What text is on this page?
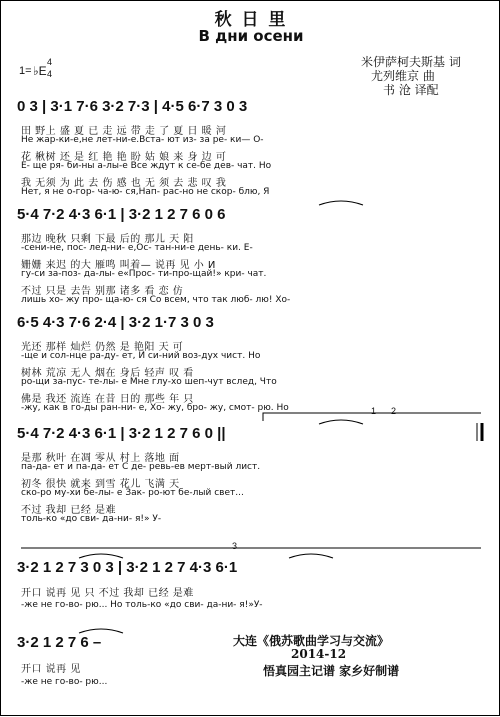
秋 日 里
В дни осени
1= ♭E
4
4
米伊萨柯夫斯基 词
尤列维京 曲
书 沧 译配
0 3 | 3·1 7·6 3·2 7·3 | 4·5 6·7 3 0 3
田 野上 盛 夏 已 走 远 带 走 了 夏 日 暖 河
Не жар-ки-е,не лет-ни-е.Вста- ют из- за ре- ки— О-
花 楸树 还 是 红 艳 艳 盼 姑 娘 来 身 边 可
Е- ще ря- би-ны а-лы-е Все ждут к се-бе дев- чат. Но
我 无须 为 此 去 伤 感 也 无 须 去 悲 叹 我
Нет, я не о-гор- ча-ю- ся,Нап- рас-но не скор- блю, Я
5·4 7·2 4·3 6·1 | 3·2 1 2 7 6 0 6
那边 晚秋 只剩 下最 后的 那儿 天 阳
-сени-не, пос- лед-ни- е,Ос- тан-ни-е день- ки. Е-
姗姗 来迟 的大 雁鸣 叫着— 说再 见 小 И
гу-си за-поз- да-лы- е«Прос- ти-про-щай!» кри- чат.
不过 只是 去告 别那 诸多 看 恋 仿
лишь хо- жу про- ща-ю- ся Со всем, что так люб- лю! Хо-
6·5 4·3 7·6 2·4 | 3·2 1·7 3 0 3
光还 那样 灿烂 仍然 是 艳阳 天 可
-ще и сол-нце ра-ду- ет, И си-ний воз-дух чист. Но
树林 荒凉 无人 烟在 身后 轻声 叹 看
ро-щи за-пус- те-лы- е Мне глу-хо шеп-чут вслед, Что
佛是 我还 流连 在昔 日的 那些 年 只
-жу, как в го-ды ран-ни- е, Хо- жу, бро- жу, смот- рю. Но
5·4 7·2 4·3 6·1 | 3·2 1 2 7 6 0 ||
是那 秋叶 在凋 零从 村上 落地 面
па-да- ет и па-да- ет С де- ревь-ев мерт-вый лист.
初冬 很快 就来 到雪 花儿 飞满 天
ско-ро му-хи бе-лы- е Зак- ро-ют бе-лый свет...
不过 我却 已经 是难
толь-ко «до сви- да-ни- я!» У-
3·2 1 2 7 3 0 3 | 3·2 1 2 7 4·3 6·1
开口 说再 见 只 不过 我却 已经 是难
-же не го-во- рю... Но толь-ко «до сви- да-ни- я!»У-
3·2 1 2 7 6 –
开口 说再 见
-же не го-во- рю...
1 2
3
大连《俄苏歌曲学习与交流》
2014-12
悟真园主记谱 家乡好制谱
